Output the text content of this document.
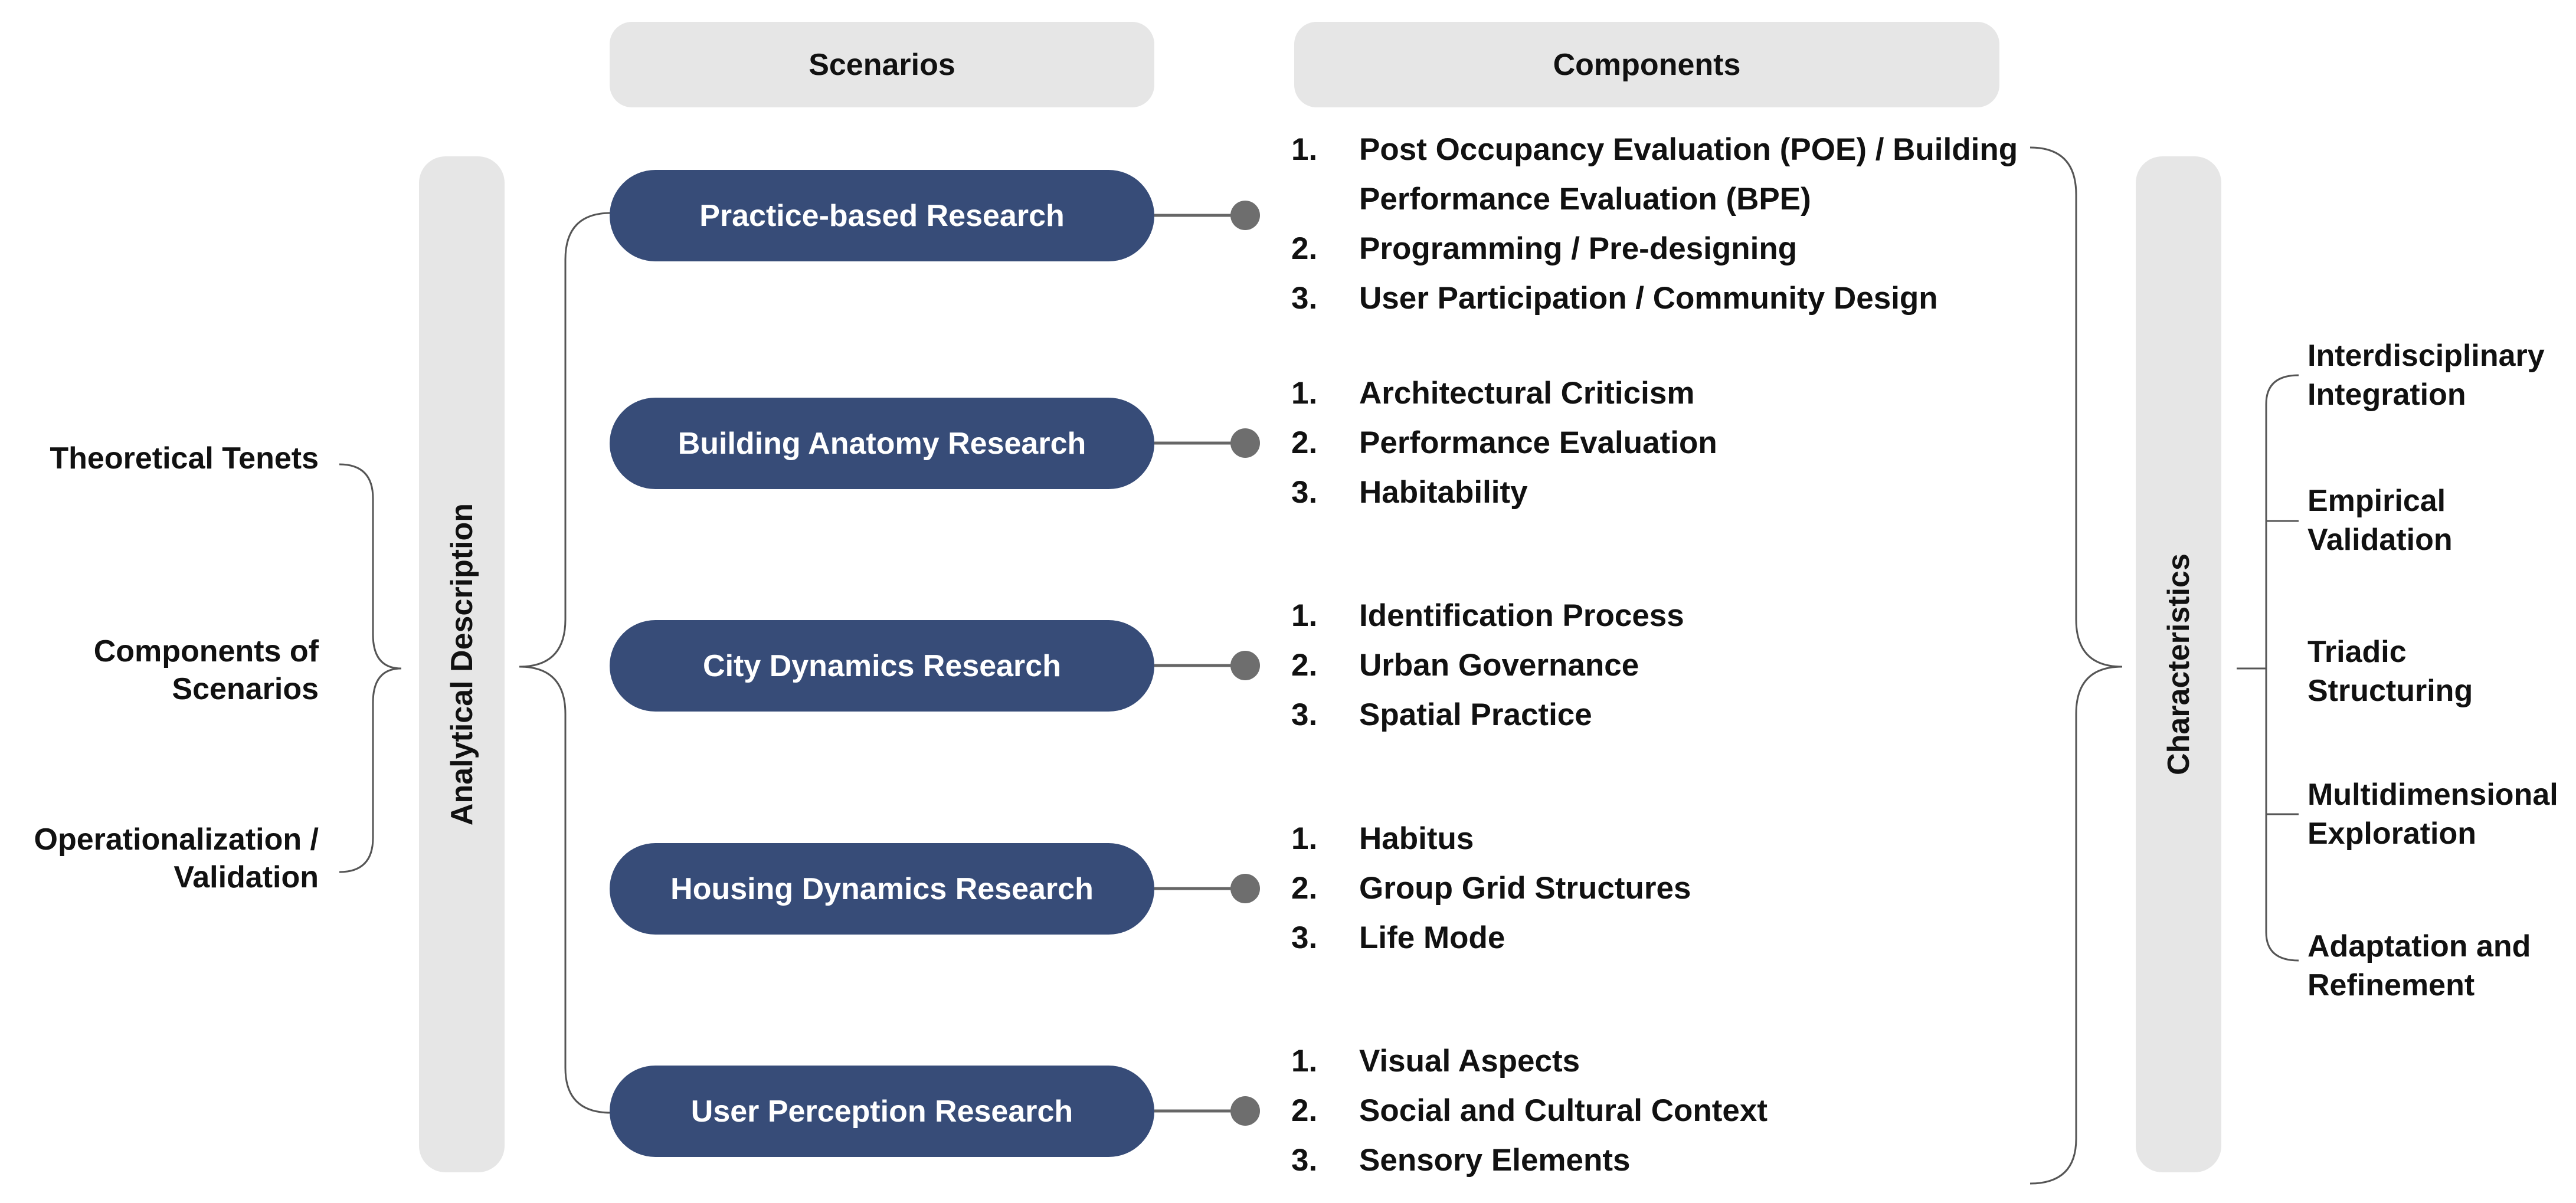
Scenarios	Components
Analytical Description	Characteristics
Theoretical Tenets
Components of Scenarios
Operationalization / Validation
Practice-based Research
Building Anatomy Research
City Dynamics Research
Housing Dynamics Research
User Perception Research
1.	Post Occupancy Evaluation (POE) / Building Performance Evaluation (BPE)
2.	Programming / Pre-designing
3.	User Participation / Community Design
1.	Architectural Criticism
2.	Performance Evaluation
3.	Habitability
1.	Identification Process
2.	Urban Governance
3.	Spatial Practice
1.	Habitus
2.	Group Grid Structures
3.	Life Mode
1.	Visual Aspects
2.	Social and Cultural Context
3.	Sensory Elements
Interdisciplinary Integration
Empirical Validation
Triadic Structuring
Multidimensional Exploration
Adaptation and Refinement
